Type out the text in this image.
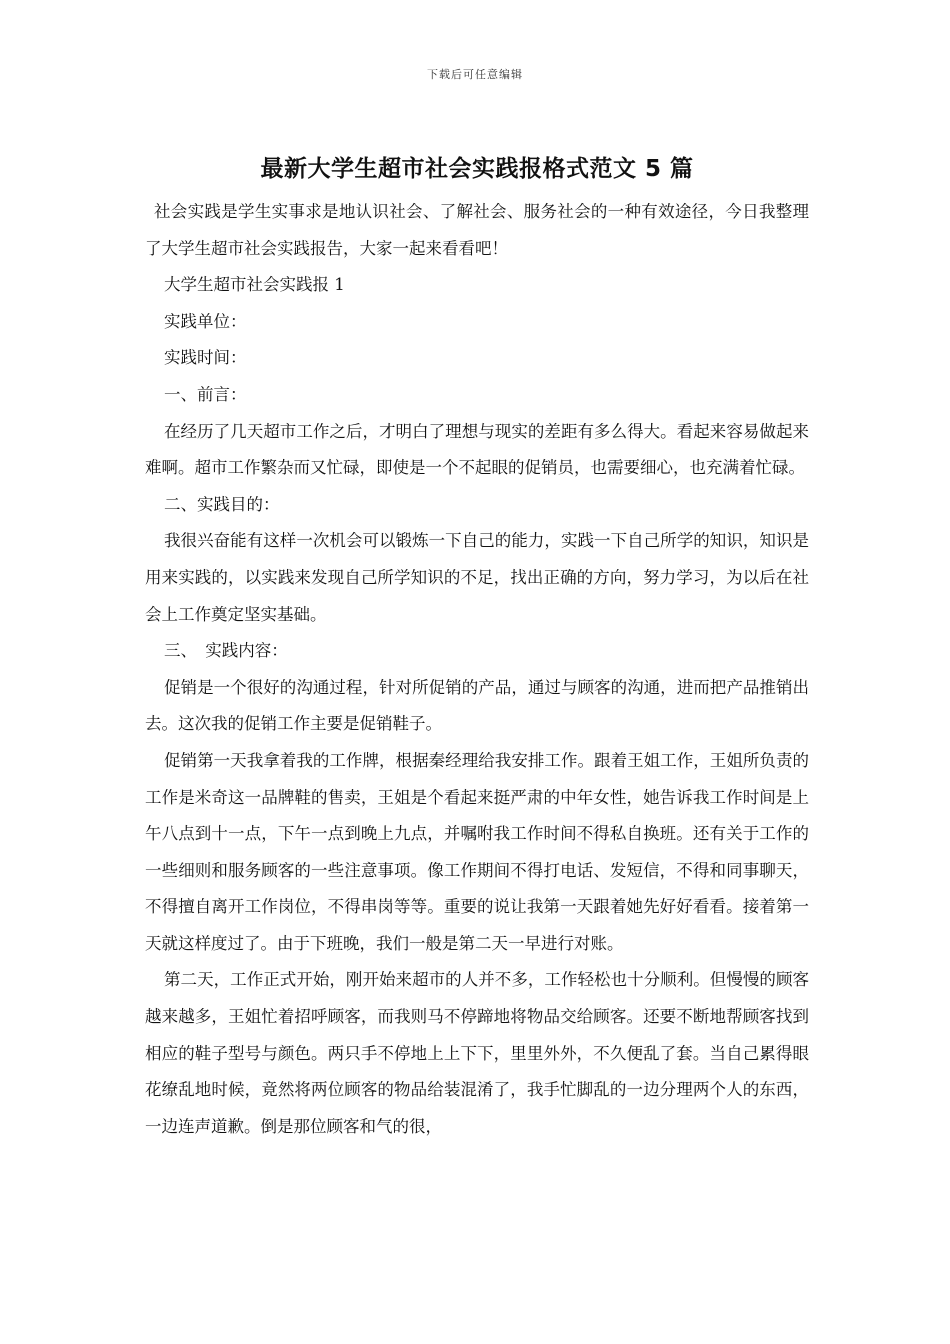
下载后可任意编辑
最新大学生超市社会实践报格式范文 5 篇

社会实践是学生实事求是地认识社会、了解社会、服务社会的一种有效途径，今日我整理了大学生超市社会实践报告，大家一起来看看吧！

大学生超市社会实践报 1

实践单位：

实践时间：

一、前言：

在经历了几天超市工作之后，才明白了理想与现实的差距有多么得大。看起来容易做起来难啊。超市工作繁杂而又忙碌，即使是一个不起眼的促销员，也需要细心，也充满着忙碌。

二、实践目的：

我很兴奋能有这样一次机会可以锻炼一下自己的能力，实践一下自己所学的知识，知识是用来实践的，以实践来发现自己所学知识的不足，找出正确的方向，努力学习，为以后在社会上工作奠定坚实基础。

三、　实践内容：

促销是一个很好的沟通过程，针对所促销的产品，通过与顾客的沟通，进而把产品推销出去。这次我的促销工作主要是促销鞋子。

促销第一天我拿着我的工作牌，根据秦经理给我安排工作。跟着王姐工作，王姐所负责的工作是米奇这一品牌鞋的售卖，王姐是个看起来挺严肃的中年女性，她告诉我工作时间是上午八点到十一点，下午一点到晚上九点，并嘱咐我工作时间不得私自换班。还有关于工作的一些细则和服务顾客的一些注意事项。像工作期间不得打电话、发短信，不得和同事聊天，不得擅自离开工作岗位，不得串岗等等。重要的说让我第一天跟着她先好好看看。接着第一天就这样度过了。由于下班晚，我们一般是第二天一早进行对账。

第二天，工作正式开始，刚开始来超市的人并不多，工作轻松也十分顺利。但慢慢的顾客越来越多，王姐忙着招呼顾客，而我则马不停蹄地将物品交给顾客。还要不断地帮顾客找到相应的鞋子型号与颜色。两只手不停地上上下下，里里外外，不久便乱了套。当自己累得眼花缭乱地时候，竟然将两位顾客的物品给装混淆了，我手忙脚乱的一边分理两个人的东西，一边连声道歉。倒是那位顾客和气的很，
